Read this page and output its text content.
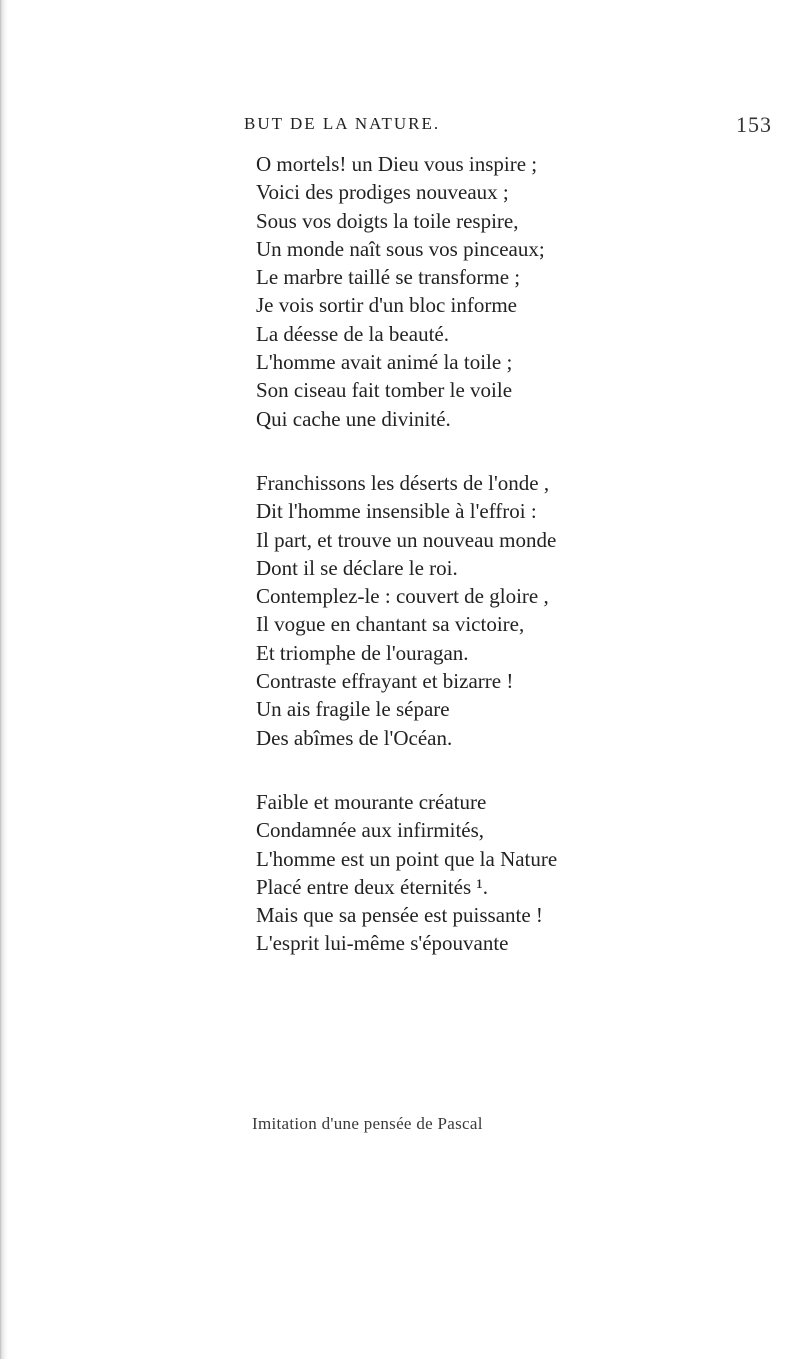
BUT DE LA NATURE.	153
O mortels! un Dieu vous inspire ;
Voici des prodiges nouveaux ;
Sous vos doigts la toile respire,
Un monde naît sous vos pinceaux;
Le marbre taillé se transforme ;
Je vois sortir d'un bloc informe
La déesse de la beauté.
L'homme avait animé la toile ;
Son ciseau fait tomber le voile
Qui cache une divinité.
Franchissons les déserts de l'onde ,
Dit l'homme insensible à l'effroi :
Il part, et trouve un nouveau monde
Dont il se déclare le roi.
Contemplez-le : couvert de gloire ,
Il vogue en chantant sa victoire,
Et triomphe de l'ouragan.
Contraste effrayant et bizarre !
Un ais fragile le sépare
Des abîmes de l'Océan.
Faible et mourante créature
Condamnée aux infirmités,
L'homme est un point que la Nature
Placé entre deux éternités ¹.
Mais que sa pensée est puissante !
L'esprit lui-même s'épouvante
Imitation d'une pensée de Pascal
